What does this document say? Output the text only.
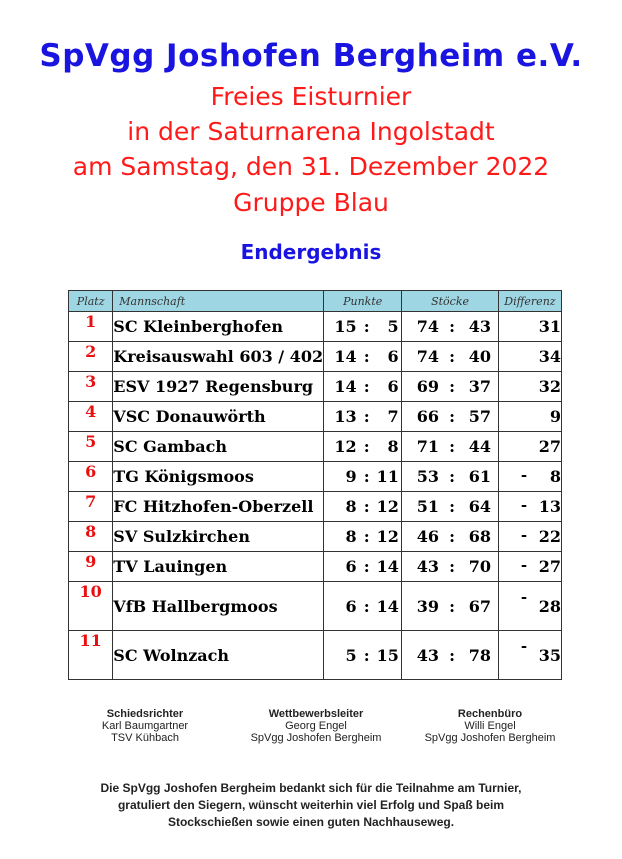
SpVgg Joshofen Bergheim e.V.
Freies Eisturnier
in der Saturnarena Ingolstadt
am Samstag, den 31. Dezember 2022
Gruppe Blau
Endergebnis
Platz	Mannschaft	Punkte	Stöcke	Differenz
1	SC Kleinberghofen	15 : 5	74 : 43	31
2	Kreisauswahl 603 / 402	14 : 6	74 : 40	34
3	ESV 1927 Regensburg	14 : 6	69 : 37	32
4	VSC Donauwörth	13 : 7	66 : 57	9
5	SC Gambach	12 : 8	71 : 44	27
6	TG Königsmoos	9 : 11	53 : 61	- 8
7	FC Hitzhofen-Oberzell	8 : 12	51 : 64	- 13
8	SV Sulzkirchen	8 : 12	46 : 68	- 22
9	TV Lauingen	6 : 14	43 : 70	- 27
10	VfB Hallbergmoos	6 : 14	39 : 67	- 28
11	SC Wolnzach	5 : 15	43 : 78	- 35
Schiedsrichter
Karl Baumgartner
TSV Kühbach
Wettbewerbsleiter
Georg Engel
SpVgg Joshofen Bergheim
Rechenbüro
Willi Engel
SpVgg Joshofen Bergheim
Die SpVgg Joshofen Bergheim bedankt sich für die Teilnahme am Turnier,
gratuliert den Siegern, wünscht weiterhin viel Erfolg und Spaß beim
Stockschießen sowie einen guten Nachhauseweg.
